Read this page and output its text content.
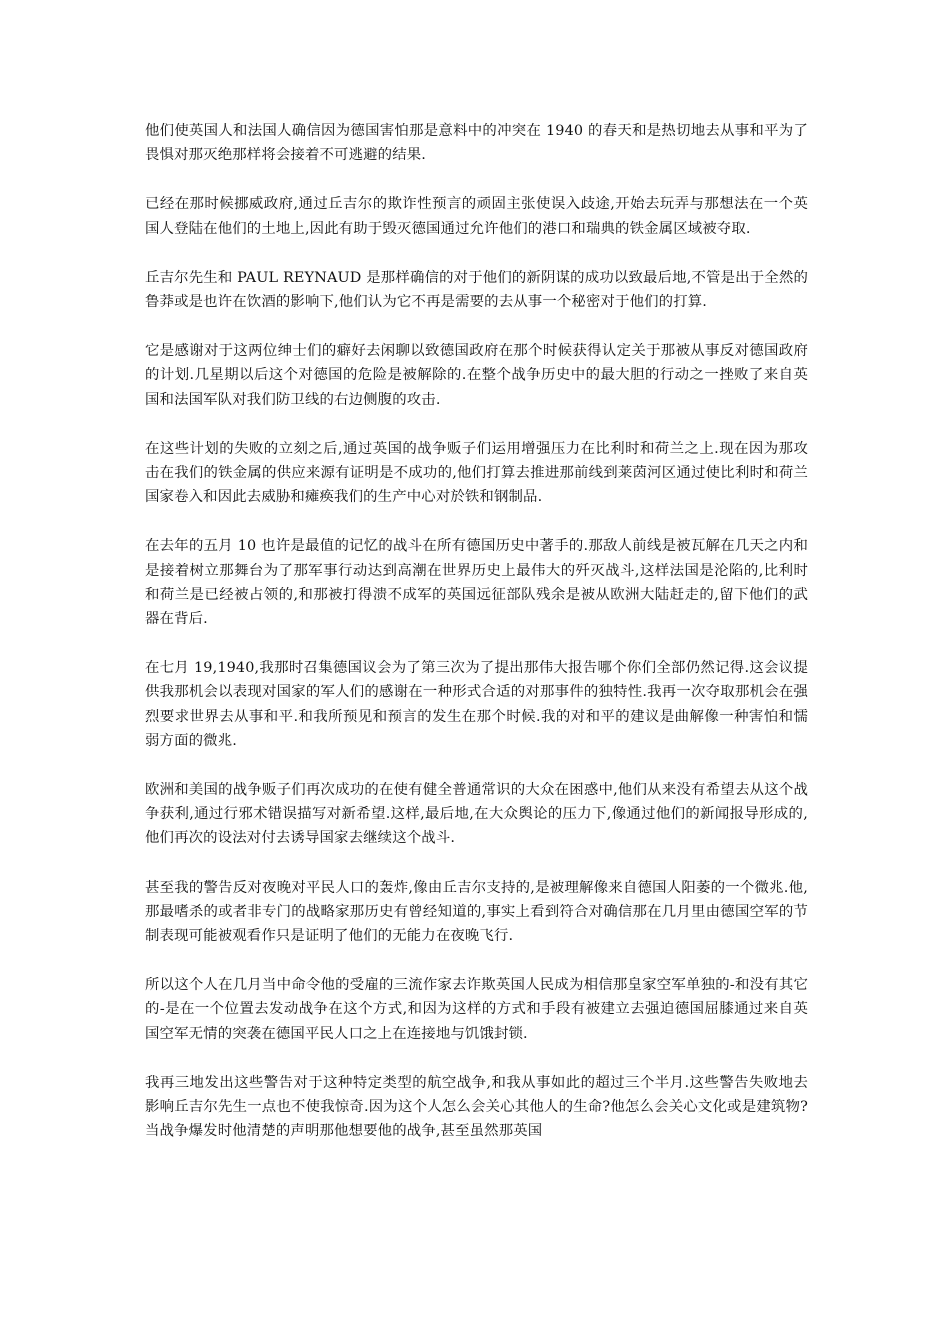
他们使英国人和法国人确信因为德国害怕那是意料中的冲突在 1940 的春天和是热切地去从事和平为了畏惧对那灭绝那样将会接着不可逃避的结果.

已经在那时候挪威政府,通过丘吉尔的欺诈性预言的顽固主张使误入歧途,开始去玩弄与那想法在一个英国人登陆在他们的土地上,因此有助于毁灭德国通过允许他们的港口和瑞典的铁金属区域被夺取.

丘吉尔先生和 PAUL REYNAUD 是那样确信的对于他们的新阴谋的成功以致最后地,不管是出于全然的鲁莽或是也许在饮酒的影响下,他们认为它不再是需要的去从事一个秘密对于他们的打算.

它是感谢对于这两位绅士们的癖好去闲聊以致德国政府在那个时候获得认定关于那被从事反对德国政府的计划.几星期以后这个对德国的危险是被解除的.在整个战争历史中的最大胆的行动之一挫败了来自英国和法国军队对我们防卫线的右边侧腹的攻击.

在这些计划的失败的立刻之后,通过英国的战争贩子们运用增强压力在比利时和荷兰之上.现在因为那攻击在我们的铁金属的供应来源有证明是不成功的,他们打算去推进那前线到莱茵河区通过使比利时和荷兰国家卷入和因此去威胁和瘫痪我们的生产中心对於铁和钢制品.

在去年的五月 10 也许是最值的记忆的战斗在所有德国历史中著手的.那敌人前线是被瓦解在几天之内和是接着树立那舞台为了那军事行动达到高潮在世界历史上最伟大的歼灭战斗,这样法国是沦陷的,比利时和荷兰是已经被占领的,和那被打得溃不成军的英国远征部队残余是被从欧洲大陆赶走的,留下他们的武器在背后.

在七月 19,1940,我那时召集德国议会为了第三次为了提出那伟大报告哪个你们全部仍然记得.这会议提供我那机会以表现对国家的军人们的感谢在一种形式合适的对那事件的独特性.我再一次夺取那机会在强烈要求世界去从事和平.和我所预见和预言的发生在那个时候.我的对和平的建议是曲解像一种害怕和懦弱方面的微兆.

欧洲和美国的战争贩子们再次成功的在使有健全普通常识的大众在困惑中,他们从来没有希望去从这个战争获利,通过行邪术错误描写对新希望.这样,最后地,在大众舆论的压力下,像通过他们的新闻报导形成的,他们再次的设法对付去诱导国家去继续这个战斗.

甚至我的警告反对夜晚对平民人口的轰炸,像由丘吉尔支持的,是被理解像来自德国人阳萎的一个微兆.他,那最嗜杀的或者非专门的战略家那历史有曾经知道的,事实上看到符合对确信那在几月里由德国空军的节制表现可能被观看作只是证明了他们的无能力在夜晚飞行.

所以这个人在几月当中命令他的受雇的三流作家去诈欺英国人民成为相信那皇家空军单独的-和没有其它的-是在一个位置去发动战争在这个方式,和因为这样的方式和手段有被建立去强迫德国屈膝通过来自英国空军无情的突袭在德国平民人口之上在连接地与饥饿封锁.

我再三地发出这些警告对于这种特定类型的航空战争,和我从事如此的超过三个半月.这些警告失败地去影响丘吉尔先生一点也不使我惊奇.因为这个人怎么会关心其他人的生命?他怎么会关心文化或是建筑物?当战争爆发时他清楚的声明那他想要他的战争,甚至虽然那英国
